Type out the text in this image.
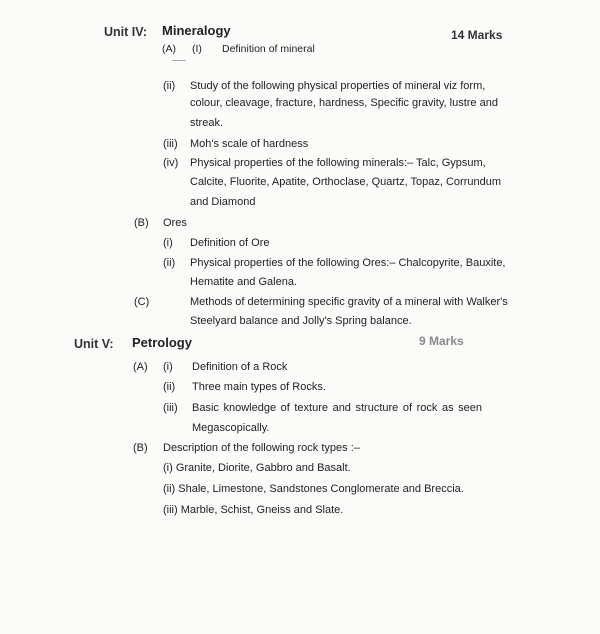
Unit IV: Mineralogy	14 Marks
(A) (I) Definition of mineral
(ii) Study of the following physical properties of mineral viz form,
colour, cleavage, fracture, hardness, Specific gravity, lustre and
streak.
(iii) Moh's scale of hardness
(iv) Physical properties of the following minerals:– Talc, Gypsum,
Calcite, Fluorite, Apatite, Orthoclase, Quartz, Topaz, Corrundum
and Diamond
(B) Ores
(i) Definition of Ore
(ii) Physical properties of the following Ores:– Chalcopyrite, Bauxite,
Hematite and Galena.
(C)	Methods of determining specific gravity of a mineral with Walker's
Steelyard balance and Jolly's Spring balance.
Unit V: Petrology	9 Marks
(A) (i) Definition of a Rock
(ii) Three main types of Rocks.
(iii) Basic knowledge of texture and structure of rock as seen
Megascopically.
(B) Description of the following rock types :–
(i) Granite, Diorite, Gabbro and Basalt.
(ii) Shale, Limestone, Sandstones Conglomerate and Breccia.
(iii) Marble, Schist, Gneiss and Slate.
